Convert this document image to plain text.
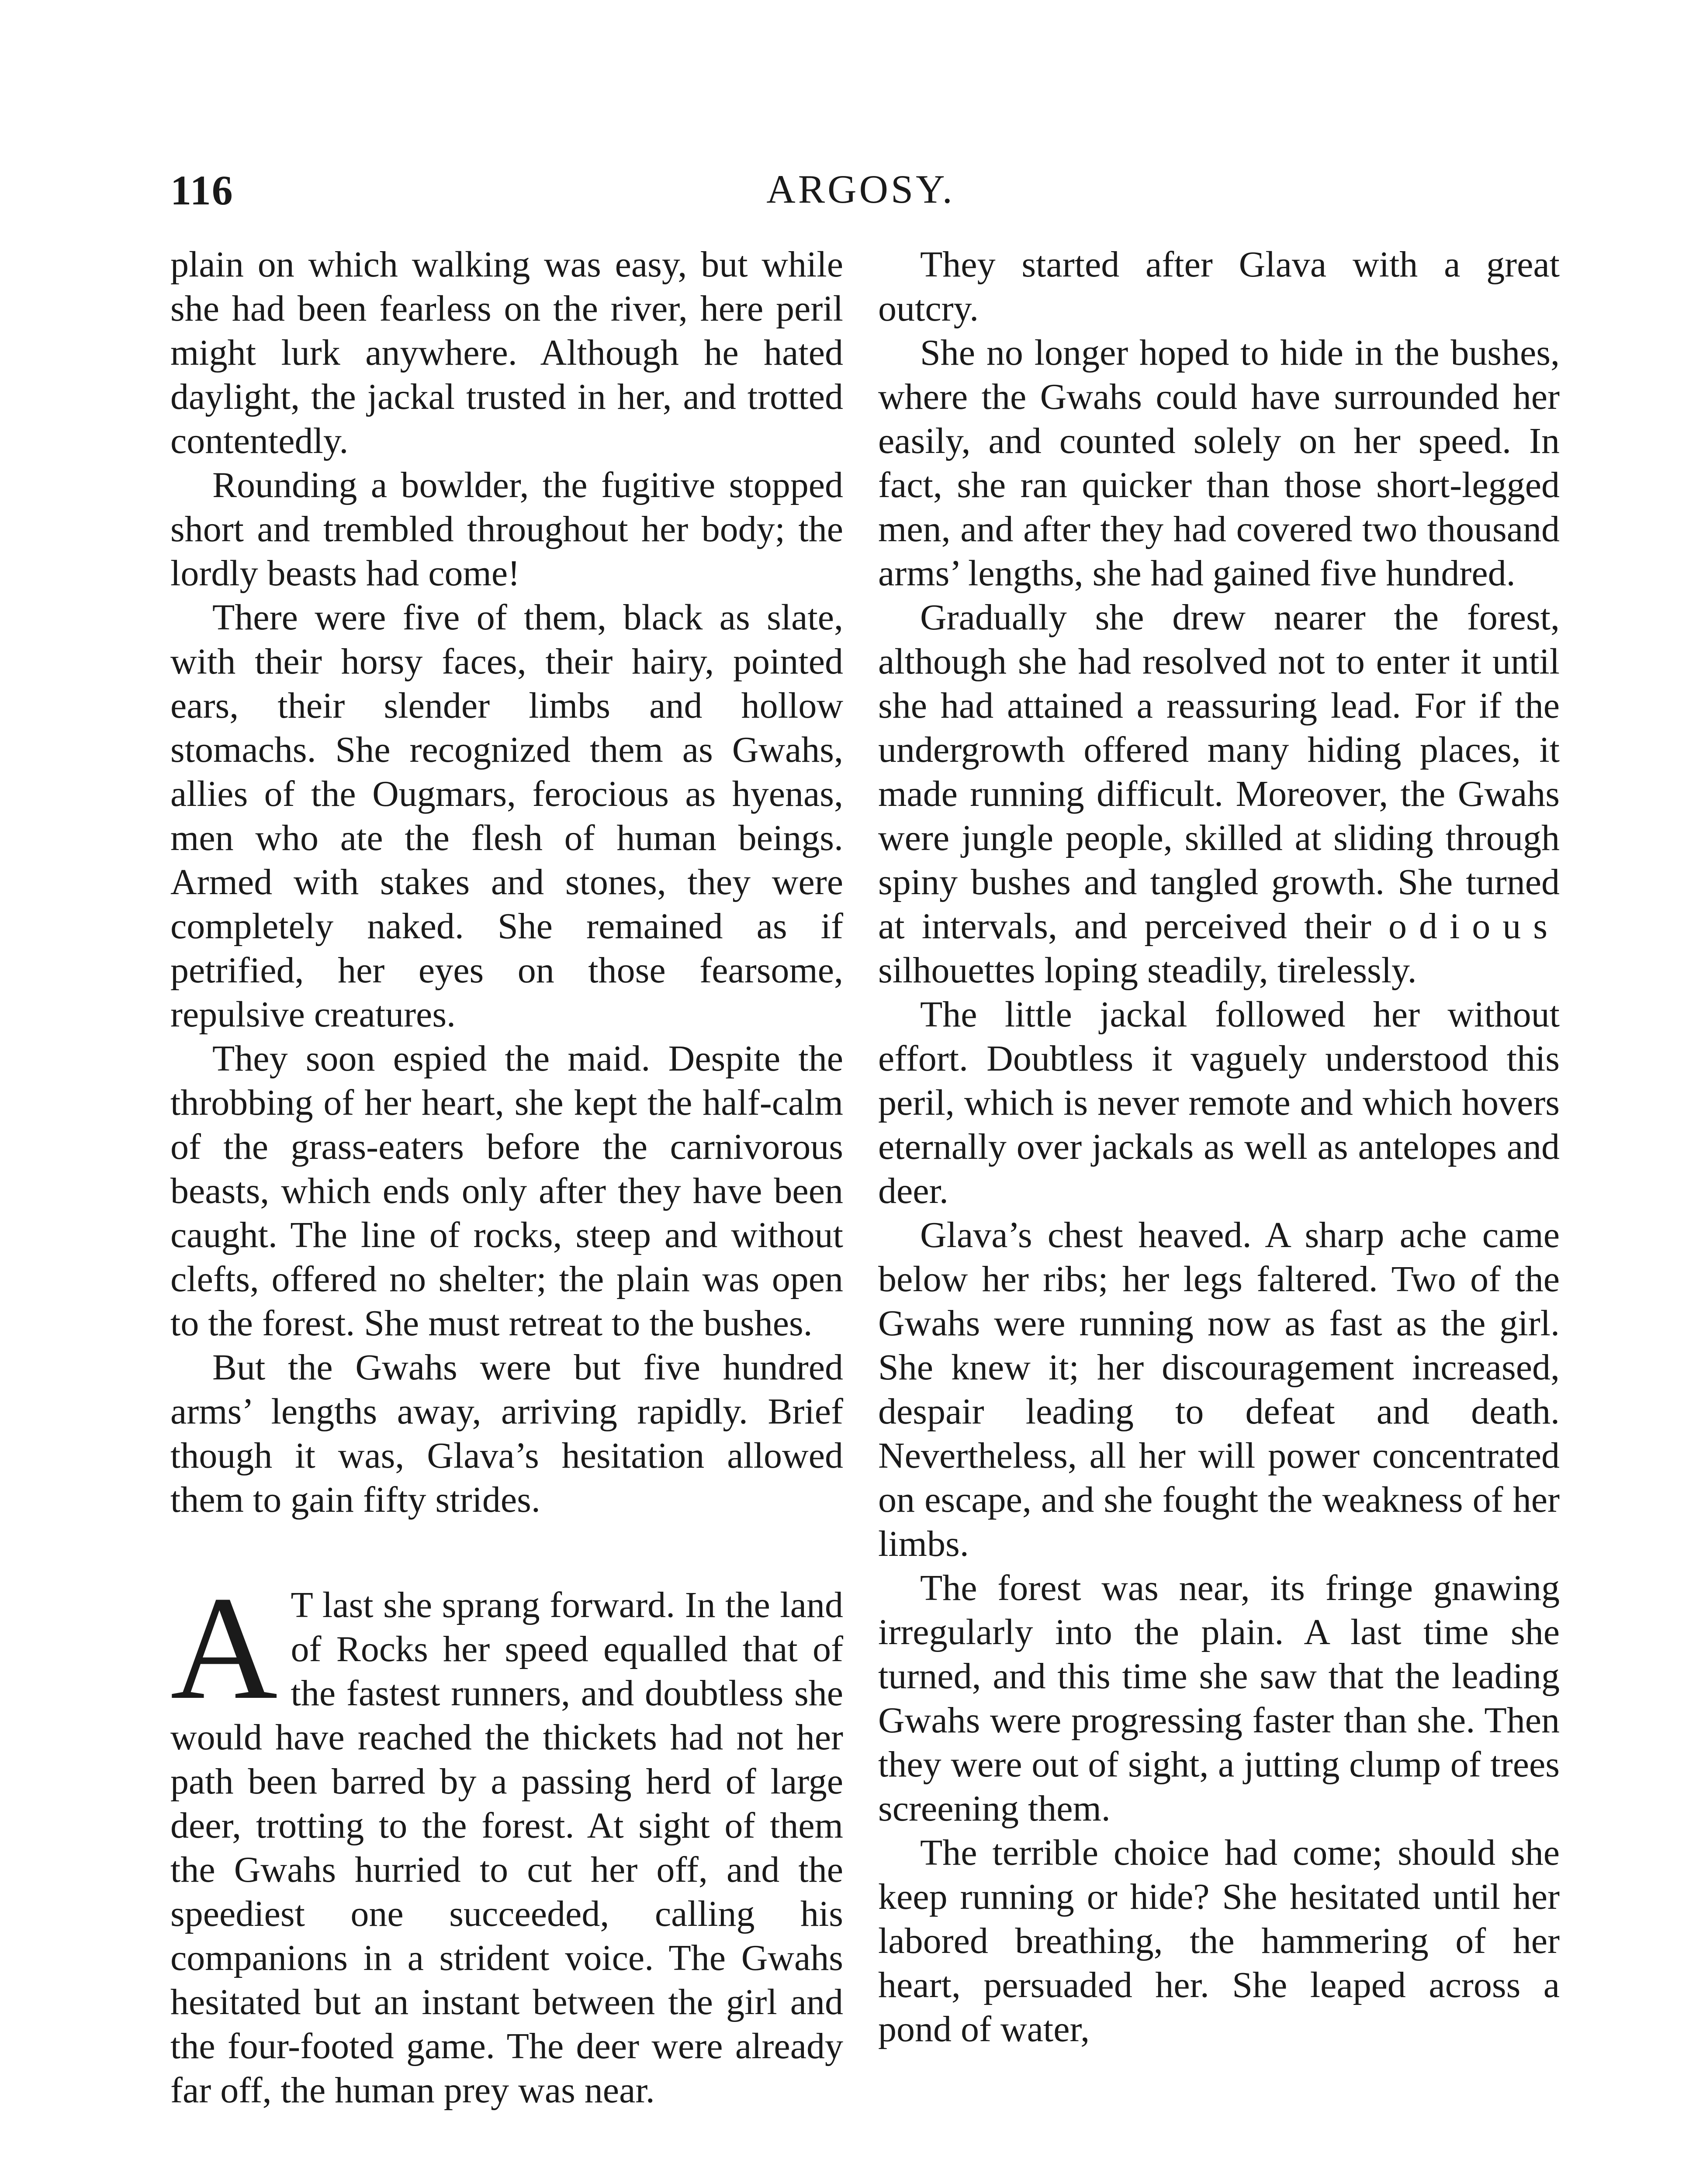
116	ARGOSY.

plain on which walking was easy, but while she had been fearless on the river, here peril might lurk anywhere. Although he hated daylight, the jackal trusted in her, and trotted contentedly.

Rounding a bowlder, the fugitive stopped short and trembled throughout her body; the lordly beasts had come!

There were five of them, black as slate, with their horsy faces, their hairy, pointed ears, their slender limbs and hollow stomachs. She recognized them as Gwahs, allies of the Ougmars, ferocious as hyenas, men who ate the flesh of human beings. Armed with stakes and stones, they were completely naked. She remained as if petrified, her eyes on those fearsome, repulsive creatures.

They soon espied the maid. Despite the throbbing of her heart, she kept the half-calm of the grass-eaters before the carnivorous beasts, which ends only after they have been caught. The line of rocks, steep and without clefts, offered no shelter; the plain was open to the forest. She must retreat to the bushes.

But the Gwahs were but five hundred arms’ lengths away, arriving rapidly. Brief though it was, Glava’s hesitation allowed them to gain fifty strides.

A T last she sprang forward. In the land of Rocks her speed equalled that of the fastest runners, and doubtless she would have reached the thickets had not her path been barred by a passing herd of large deer, trotting to the forest. At sight of them the Gwahs hurried to cut her off, and the speediest one succeeded, calling his companions in a strident voice. The Gwahs hesitated but an instant between the girl and the four-footed game. The deer were already far off, the human prey was near.

They started after Glava with a great outcry.

She no longer hoped to hide in the bushes, where the Gwahs could have surrounded her easily, and counted solely on her speed. In fact, she ran quicker than those short-legged men, and after they had covered two thousand arms’ lengths, she had gained five hundred.

Gradually she drew nearer the forest, although she had resolved not to enter it until she had attained a reassuring lead. For if the undergrowth offered many hiding places, it made running difficult. Moreover, the Gwahs were jungle people, skilled at sliding through spiny bushes and tangled growth. She turned at intervals, and perceived their odious silhouettes loping steadily, tirelessly.

The little jackal followed her without effort. Doubtless it vaguely understood this peril, which is never remote and which hovers eternally over jackals as well as antelopes and deer.

Glava’s chest heaved. A sharp ache came below her ribs; her legs faltered. Two of the Gwahs were running now as fast as the girl. She knew it; her discouragement increased, despair leading to defeat and death. Nevertheless, all her will power concentrated on escape, and she fought the weakness of her limbs.

The forest was near, its fringe gnawing irregularly into the plain. A last time she turned, and this time she saw that the leading Gwahs were progressing faster than she. Then they were out of sight, a jutting clump of trees screening them.

The terrible choice had come; should she keep running or hide? She hesitated until her labored breathing, the hammering of her heart, persuaded her. She leaped across a pond of water,
